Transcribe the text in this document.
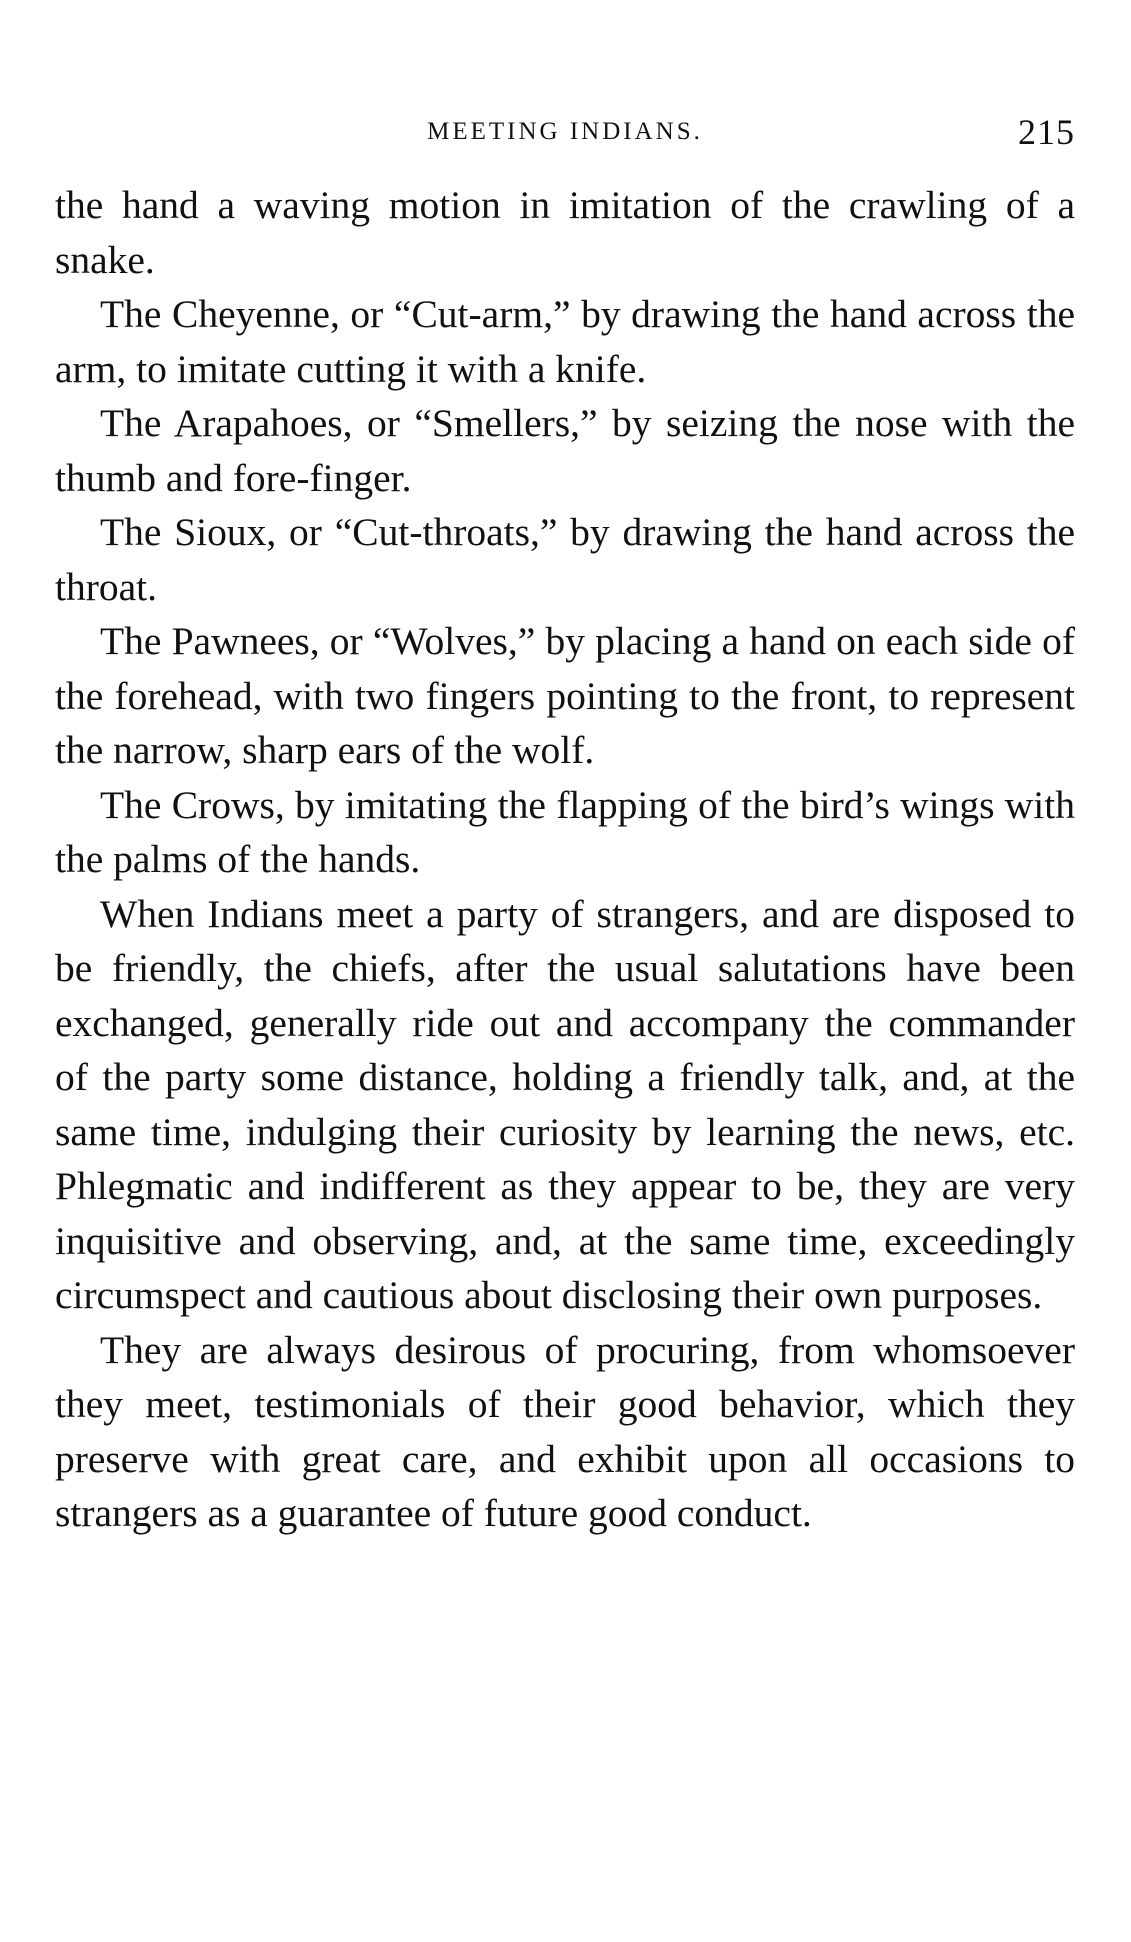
MEETING INDIANS.	215

the hand a waving motion in imitation of the crawling of a snake.

The Cheyenne, or “Cut-arm,” by drawing the hand across the arm, to imitate cutting it with a knife.

The Arapahoes, or “Smellers,” by seizing the nose with the thumb and fore-finger.

The Sioux, or “Cut-throats,” by drawing the hand across the throat.

The Pawnees, or “Wolves,” by placing a hand on each side of the forehead, with two fingers pointing to the front, to represent the narrow, sharp ears of the wolf.

The Crows, by imitating the flapping of the bird’s wings with the palms of the hands.

When Indians meet a party of strangers, and are disposed to be friendly, the chiefs, after the usual salutations have been exchanged, generally ride out and accompany the commander of the party some distance, holding a friendly talk, and, at the same time, indulging their curiosity by learning the news, etc. Phlegmatic and indifferent as they appear to be, they are very inquisitive and observing, and, at the same time, exceedingly circumspect and cautious about disclosing their own purposes.

They are always desirous of procuring, from whomsoever they meet, testimonials of their good behavior, which they preserve with great care, and exhibit upon all occasions to strangers as a guarantee of future good conduct.
